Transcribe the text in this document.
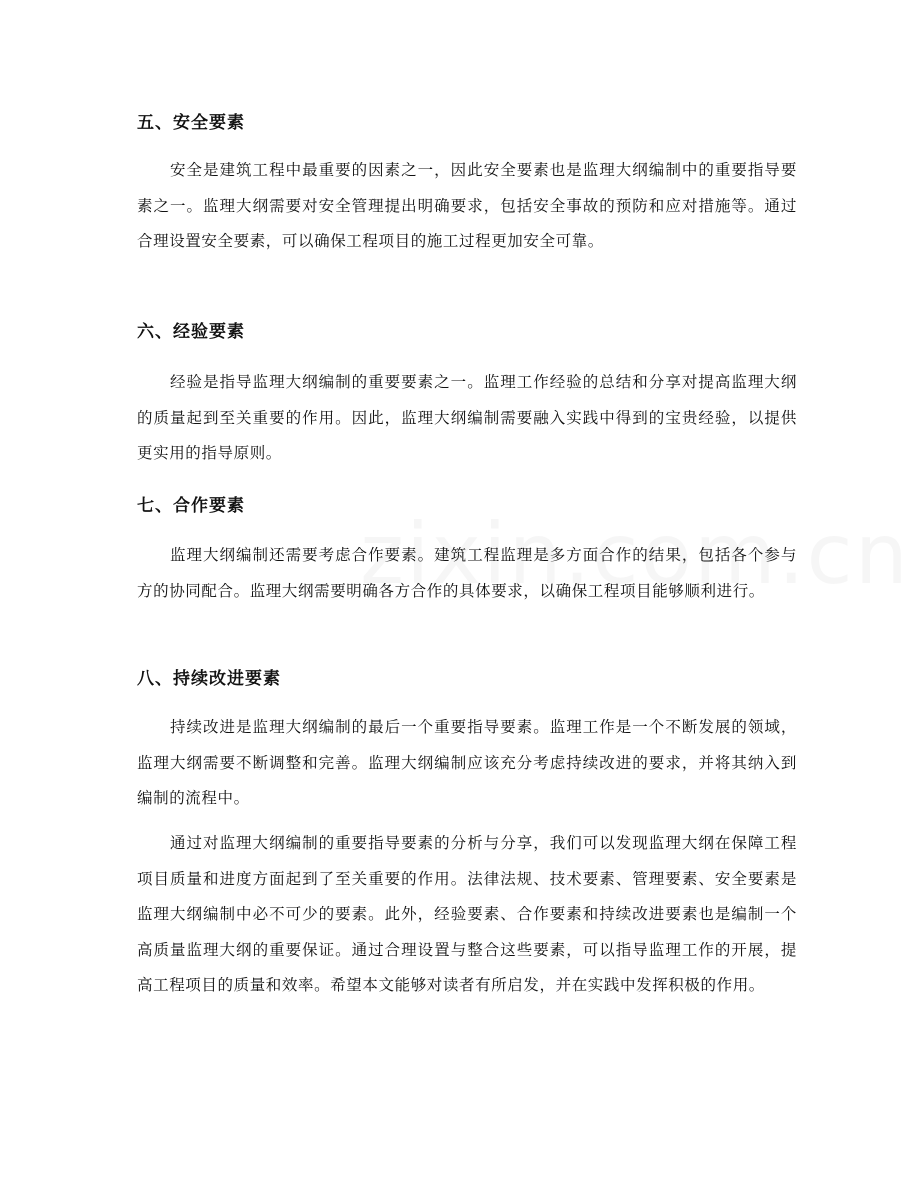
五、安全要素
安全是建筑工程中最重要的因素之一，因此安全要素也是监理大纲编制中的重要指导要素之一。监理大纲需要对安全管理提出明确要求，包括安全事故的预防和应对措施等。通过合理设置安全要素，可以确保工程项目的施工过程更加安全可靠。
六、经验要素
经验是指导监理大纲编制的重要要素之一。监理工作经验的总结和分享对提高监理大纲的质量起到至关重要的作用。因此，监理大纲编制需要融入实践中得到的宝贵经验，以提供更实用的指导原则。
七、合作要素
监理大纲编制还需要考虑合作要素。建筑工程监理是多方面合作的结果，包括各个参与方的协同配合。监理大纲需要明确各方合作的具体要求，以确保工程项目能够顺利进行。
八、持续改进要素
持续改进是监理大纲编制的最后一个重要指导要素。监理工作是一个不断发展的领域，监理大纲需要不断调整和完善。监理大纲编制应该充分考虑持续改进的要求，并将其纳入到编制的流程中。
通过对监理大纲编制的重要指导要素的分析与分享，我们可以发现监理大纲在保障工程项目质量和进度方面起到了至关重要的作用。法律法规、技术要素、管理要素、安全要素是监理大纲编制中必不可少的要素。此外，经验要素、合作要素和持续改进要素也是编制一个高质量监理大纲的重要保证。通过合理设置与整合这些要素，可以指导监理工作的开展，提高工程项目的质量和效率。希望本文能够对读者有所启发，并在实践中发挥积极的作用。
